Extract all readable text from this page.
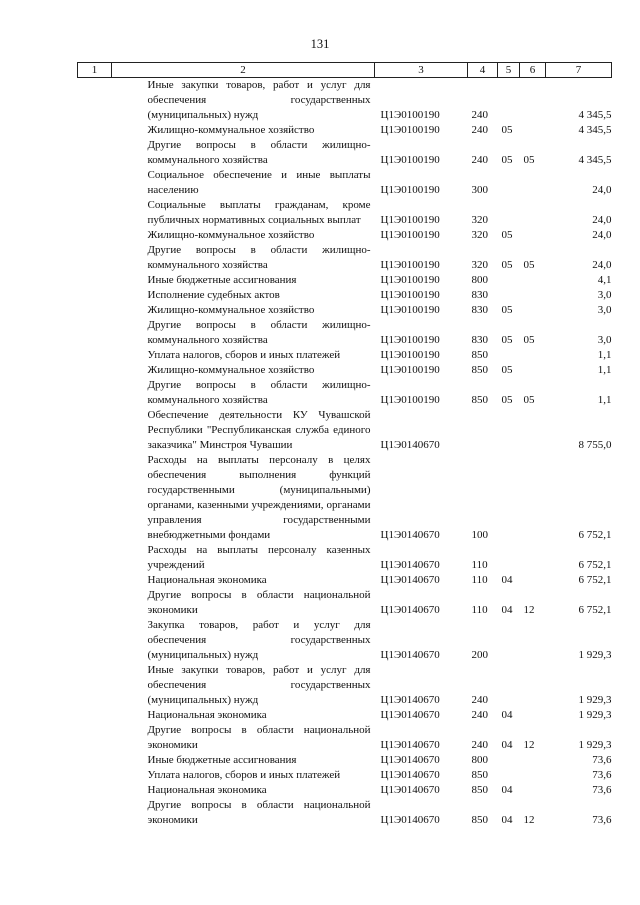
131
1	2	3	4	5	6	7
	Иные закупки товаров, работ и услуг для обеспечения государственных (муниципальных) нужд	Ц1Э0100190	240			4 345,5
	Жилищно-коммунальное хозяйство	Ц1Э0100190	240	05		4 345,5
	Другие вопросы в области жилищно-коммунального хозяйства	Ц1Э0100190	240	05	05	4 345,5
	Социальное обеспечение и иные выплаты населению	Ц1Э0100190	300			24,0
	Социальные выплаты гражданам, кроме публичных нормативных социальных выплат	Ц1Э0100190	320			24,0
	Жилищно-коммунальное хозяйство	Ц1Э0100190	320	05		24,0
	Другие вопросы в области жилищно-коммунального хозяйства	Ц1Э0100190	320	05	05	24,0
	Иные бюджетные ассигнования	Ц1Э0100190	800			4,1
	Исполнение судебных актов	Ц1Э0100190	830			3,0
	Жилищно-коммунальное хозяйство	Ц1Э0100190	830	05		3,0
	Другие вопросы в области жилищно-коммунального хозяйства	Ц1Э0100190	830	05	05	3,0
	Уплата налогов, сборов и иных платежей	Ц1Э0100190	850			1,1
	Жилищно-коммунальное хозяйство	Ц1Э0100190	850	05		1,1
	Другие вопросы в области жилищно-коммунального хозяйства	Ц1Э0100190	850	05	05	1,1
	Обеспечение деятельности КУ Чувашской Республики "Республиканская служба единого заказчика" Минстроя Чувашии	Ц1Э0140670				8 755,0
	Расходы на выплаты персоналу в целях обеспечения выполнения функций государственными (муниципальными) органами, казенными учреждениями, органами управления государственными внебюджетными фондами	Ц1Э0140670	100			6 752,1
	Расходы на выплаты персоналу казенных учреждений	Ц1Э0140670	110			6 752,1
	Национальная экономика	Ц1Э0140670	110	04		6 752,1
	Другие вопросы в области национальной экономики	Ц1Э0140670	110	04	12	6 752,1
	Закупка товаров, работ и услуг для обеспечения государственных (муниципальных) нужд	Ц1Э0140670	200			1 929,3
	Иные закупки товаров, работ и услуг для обеспечения государственных (муниципальных) нужд	Ц1Э0140670	240			1 929,3
	Национальная экономика	Ц1Э0140670	240	04		1 929,3
	Другие вопросы в области национальной экономики	Ц1Э0140670	240	04	12	1 929,3
	Иные бюджетные ассигнования	Ц1Э0140670	800			73,6
	Уплата налогов, сборов и иных платежей	Ц1Э0140670	850			73,6
	Национальная экономика	Ц1Э0140670	850	04		73,6
	Другие вопросы в области национальной экономики	Ц1Э0140670	850	04	12	73,6
